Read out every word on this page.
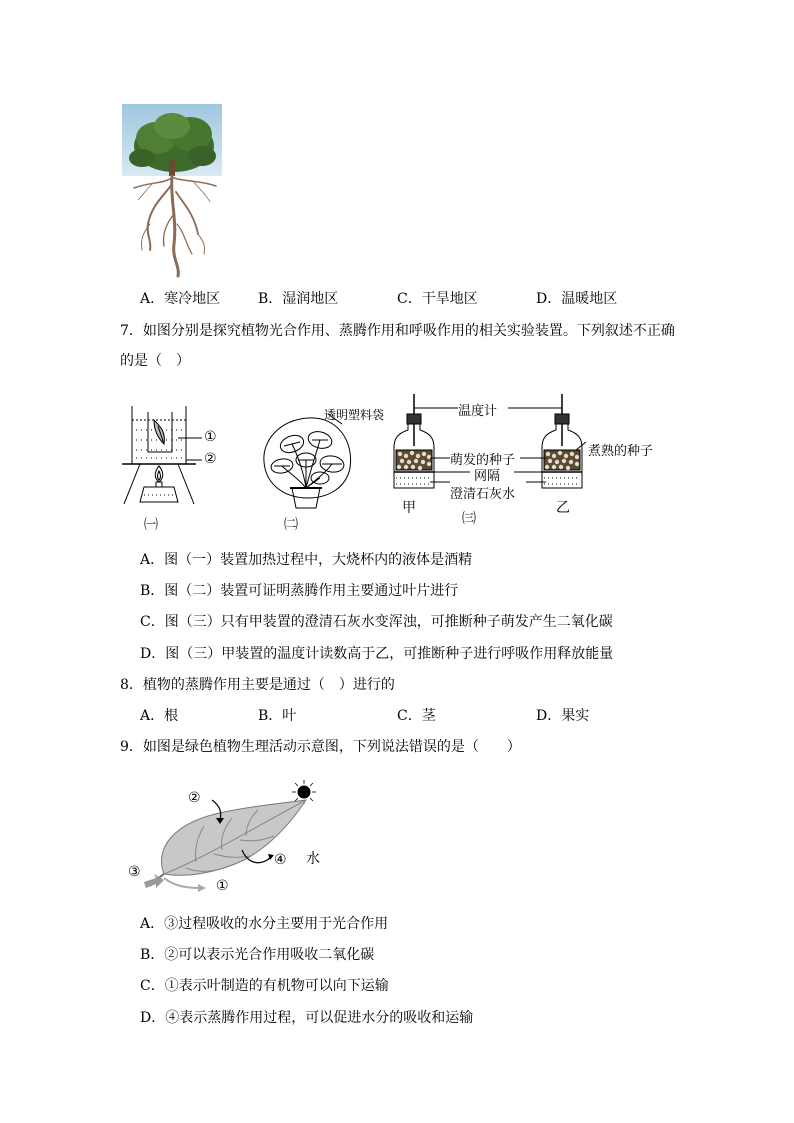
A．寒冷地区	B．湿润地区	C．干旱地区	D．温暖地区
7．如图分别是探究植物光合作用、蒸腾作用和呼吸作用的相关实验装置。下列叙述不正确
的是（　）
①
②
㈠
透明塑料袋
㈡
温度计
萌发的种子
网隔
澄清石灰水
煮熟的种子
甲
㈢
乙
A．图（一）装置加热过程中，大烧杯内的液体是酒精
B．图（二）装置可证明蒸腾作用主要通过叶片进行
C．图（三）只有甲装置的澄清石灰水变浑浊，可推断种子萌发产生二氧化碳
D．图（三）甲装置的温度计读数高于乙，可推断种子进行呼吸作用释放能量
8．植物的蒸腾作用主要是通过（　）进行的
A．根	B．叶	C．茎	D．果实
9．如图是绿色植物生理活动示意图，下列说法错误的是（　　）
②
④ 水
③
①
A．③过程吸收的水分主要用于光合作用
B．②可以表示光合作用吸收二氧化碳
C．①表示叶制造的有机物可以向下运输
D．④表示蒸腾作用过程，可以促进水分的吸收和运输
